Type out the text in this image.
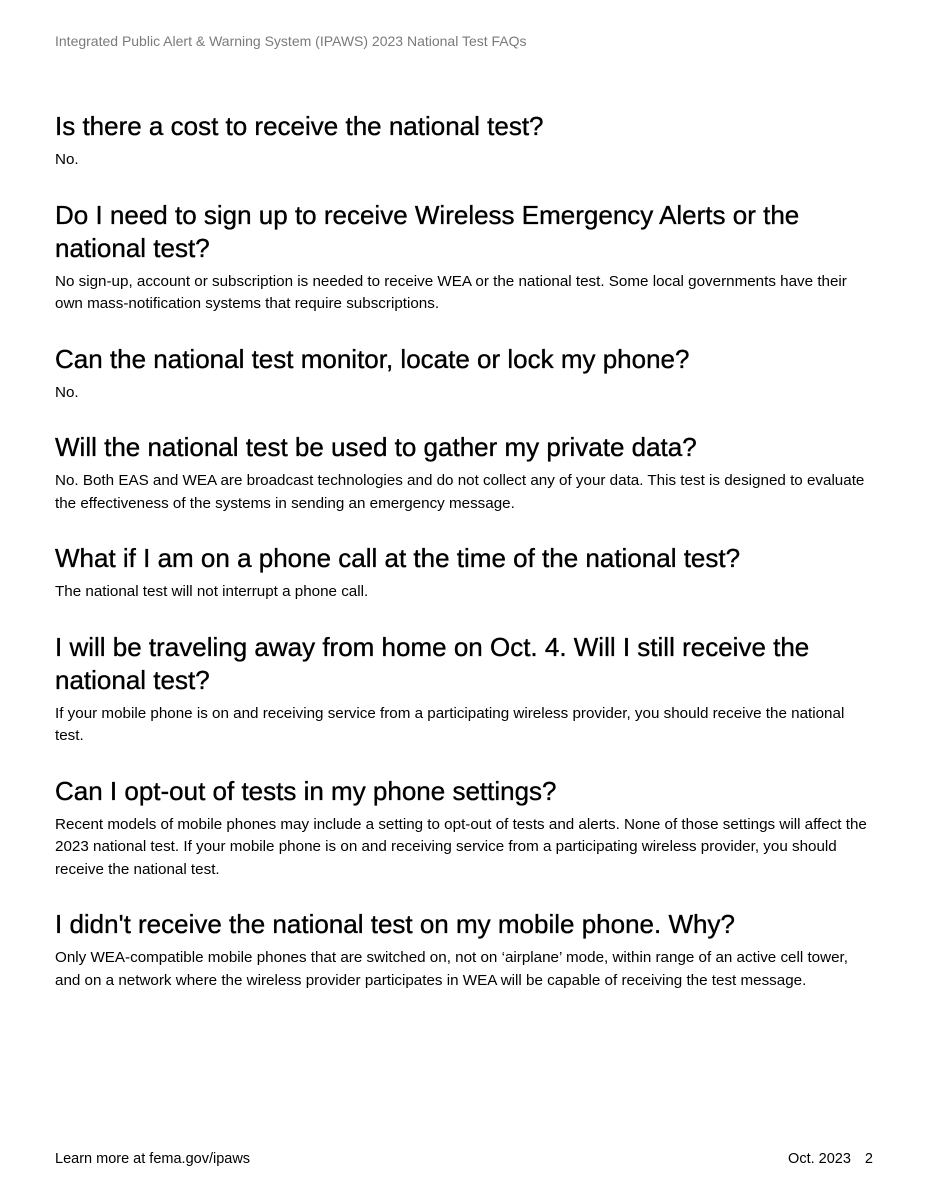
Integrated Public Alert & Warning System (IPAWS) 2023 National Test FAQs

Is there a cost to receive the national test?

No.

Do I need to sign up to receive Wireless Emergency Alerts or the national test?

No sign-up, account or subscription is needed to receive WEA or the national test. Some local governments have their own mass-notification systems that require subscriptions.

Can the national test monitor, locate or lock my phone?

No.

Will the national test be used to gather my private data?

No. Both EAS and WEA are broadcast technologies and do not collect any of your data. This test is designed to evaluate the effectiveness of the systems in sending an emergency message.

What if I am on a phone call at the time of the national test?

The national test will not interrupt a phone call.

I will be traveling away from home on Oct. 4. Will I still receive the national test?

If your mobile phone is on and receiving service from a participating wireless provider, you should receive the national test.

Can I opt-out of tests in my phone settings?

Recent models of mobile phones may include a setting to opt-out of tests and alerts. None of those settings will affect the 2023 national test. If your mobile phone is on and receiving service from a participating wireless provider, you should receive the national test.

I didn't receive the national test on my mobile phone. Why?

Only WEA-compatible mobile phones that are switched on, not on ‘airplane’ mode, within range of an active cell tower, and on a network where the wireless provider participates in WEA will be capable of receiving the test message.

Learn more at fema.gov/ipaws	Oct. 2023 2
